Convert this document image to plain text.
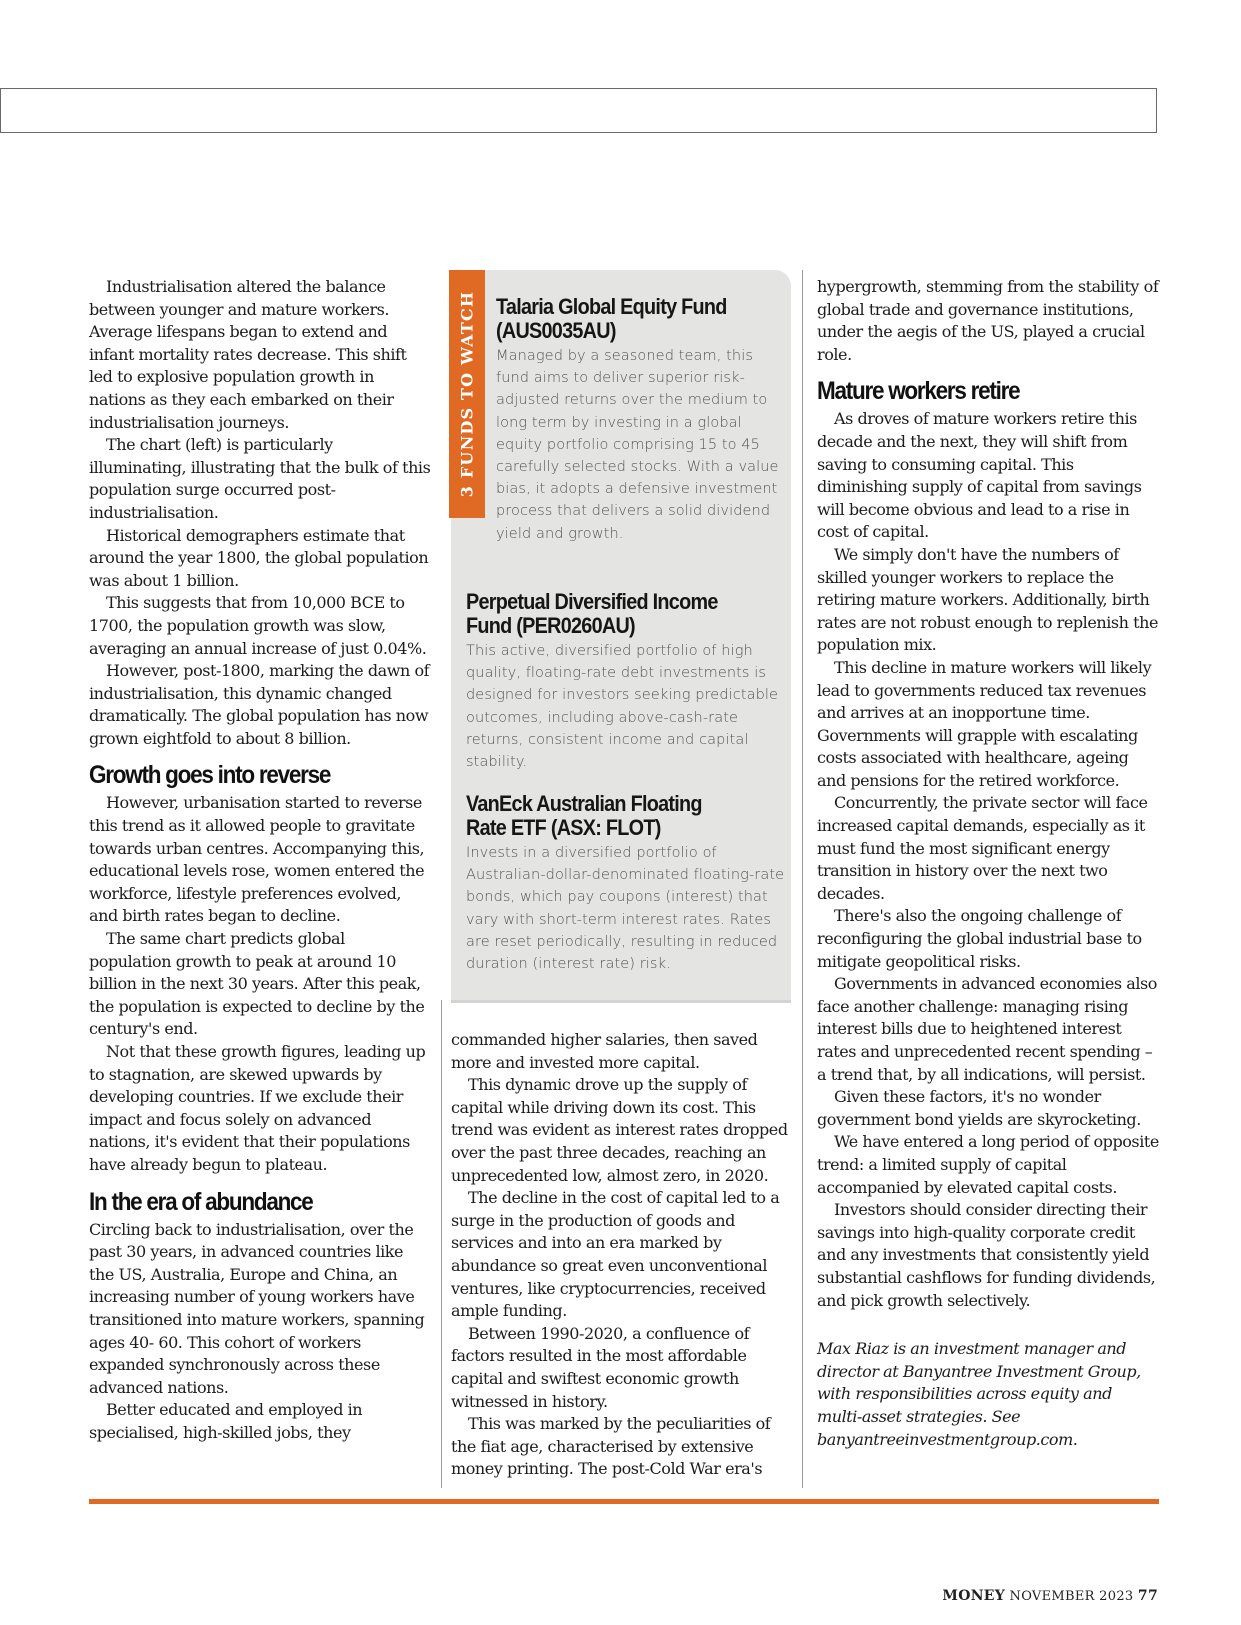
Industrialisation altered the balance between younger and mature workers. Average lifespans began to extend and infant mortality rates decrease. This shift led to explosive population growth in nations as they each embarked on their industrialisation journeys.

The chart (left) is particularly illuminating, illustrating that the bulk of this population surge occurred post-industrialisation.

Historical demographers estimate that around the year 1800, the global population was about 1 billion.

This suggests that from 10,000 BCE to 1700, the population growth was slow, averaging an annual increase of just 0.04%.

However, post-1800, marking the dawn of industrialisation, this dynamic changed dramatically. The global population has now grown eightfold to about 8 billion.

Growth goes into reverse

However, urbanisation started to reverse this trend as it allowed people to gravitate towards urban centres. Accompanying this, educational levels rose, women entered the workforce, lifestyle preferences evolved, and birth rates began to decline.

The same chart predicts global population growth to peak at around 10 billion in the next 30 years. After this peak, the population is expected to decline by the century's end.

Not that these growth figures, leading up to stagnation, are skewed upwards by developing countries. If we exclude their impact and focus solely on advanced nations, it's evident that their populations have already begun to plateau.

In the era of abundance

Circling back to industrialisation, over the past 30 years, in advanced countries like the US, Australia, Europe and China, an increasing number of young workers have transitioned into mature workers, spanning ages 40- 60. This cohort of workers expanded synchronously across these advanced nations.

Better educated and employed in specialised, high-skilled jobs, they

3 FUNDS TO WATCH Talaria Global Equity Fund
(AUS0035AU)

Managed by a seasoned team, this fund aims to deliver superior risk-adjusted returns over the medium to long term by investing in a global equity portfolio comprising 15 to 45 carefully selected stocks. With a value bias, it adopts a defensive investment process that delivers a solid dividend yield and growth.

Perpetual Diversified Income
Fund (PER0260AU)

This active, diversified portfolio of high quality, floating-rate debt investments is designed for investors seeking predictable outcomes, including above-cash-rate returns, consistent income and capital stability.

VanEck Australian Floating
Rate ETF (ASX: FLOT)

Invests in a diversified portfolio of Australian-dollar-denominated floating-rate bonds, which pay coupons (interest) that vary with short-term interest rates. Rates are reset periodically, resulting in reduced duration (interest rate) risk.

commanded higher salaries, then saved more and invested more capital.

This dynamic drove up the supply of capital while driving down its cost. This trend was evident as interest rates dropped over the past three decades, reaching an unprecedented low, almost zero, in 2020.

The decline in the cost of capital led to a surge in the production of goods and services and into an era marked by abundance so great even unconventional ventures, like cryptocurrencies, received ample funding.

Between 1990-2020, a confluence of factors resulted in the most affordable capital and swiftest economic growth witnessed in history.

This was marked by the peculiarities of the fiat age, characterised by extensive money printing. The post-Cold War era's

hypergrowth, stemming from the stability of global trade and governance institutions, under the aegis of the US, played a crucial role.

Mature workers retire

As droves of mature workers retire this decade and the next, they will shift from saving to consuming capital. This diminishing supply of capital from savings will become obvious and lead to a rise in cost of capital.

We simply don't have the numbers of skilled younger workers to replace the retiring mature workers. Additionally, birth rates are not robust enough to replenish the population mix.

This decline in mature workers will likely lead to governments reduced tax revenues and arrives at an inopportune time. Governments will grapple with escalating costs associated with healthcare, ageing and pensions for the retired workforce.

Concurrently, the private sector will face increased capital demands, especially as it must fund the most significant energy transition in history over the next two decades.

There's also the ongoing challenge of reconfiguring the global industrial base to mitigate geopolitical risks.

Governments in advanced economies also face another challenge: managing rising interest bills due to heightened interest rates and unprecedented recent spending – a trend that, by all indications, will persist.

Given these factors, it's no wonder government bond yields are skyrocketing.

We have entered a long period of opposite trend: a limited supply of capital accompanied by elevated capital costs.

Investors should consider directing their savings into high-quality corporate credit and any investments that consistently yield substantial cashflows for funding dividends, and pick growth selectively.

Max Riaz is an investment manager and director at Banyantree Investment Group, with responsibilities across equity and multi-asset strategies. See banyantreeinvestmentgroup.com.

MONEY NOVEMBER 2023 77
